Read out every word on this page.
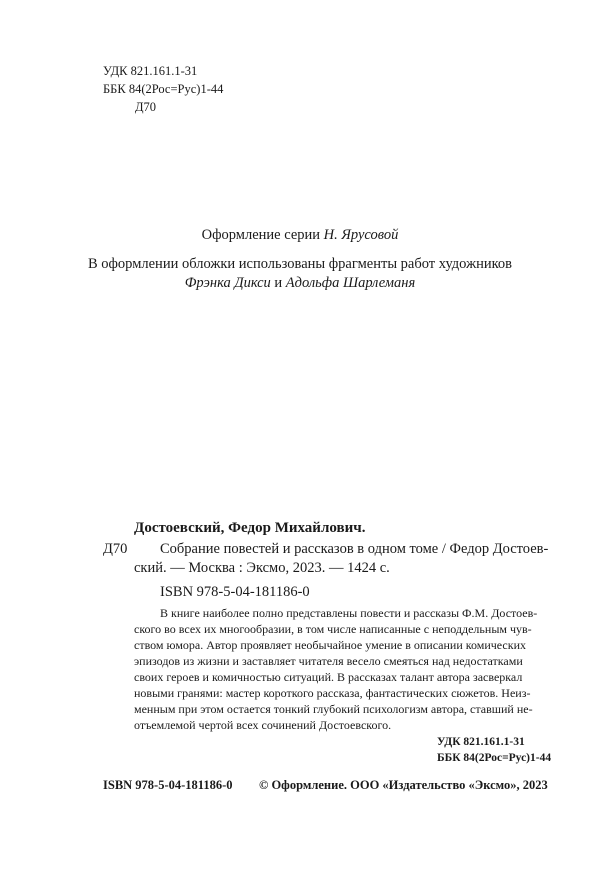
УДК 821.161.1-31
ББК 84(2Рос=Рус)1-44
Д70
Оформление серии Н. Ярусовой
В оформлении обложки использованы фрагменты работ художников
Фрэнка Дикси и Адольфа Шарлеманя
Достоевский, Федор Михайлович.
Д70 Собрание повестей и рассказов в одном томе / Федор Достоев-
ский. — Москва : Эксмо, 2023. — 1424 с.
ISBN 978-5-04-181186-0
В книге наиболее полно представлены повести и рассказы Ф.М. Достоев-
ского во всех их многообразии, в том числе написанные с неподдельным чув-
ством юмора. Автор проявляет необычайное умение в описании комических
эпизодов из жизни и заставляет читателя весело смеяться над недостатками
своих героев и комичностью ситуаций. В рассказах талант автора засверкал
новыми гранями: мастер короткого рассказа, фантастических сюжетов. Неиз-
менным при этом остается тонкий глубокий психологизм автора, ставший не-
отъемлемой чертой всех сочинений Достоевского.
УДК 821.161.1-31
ББК 84(2Рос=Рус)1-44
ISBN 978-5-04-181186-0 © Оформление. ООО «Издательство «Эксмо», 2023
